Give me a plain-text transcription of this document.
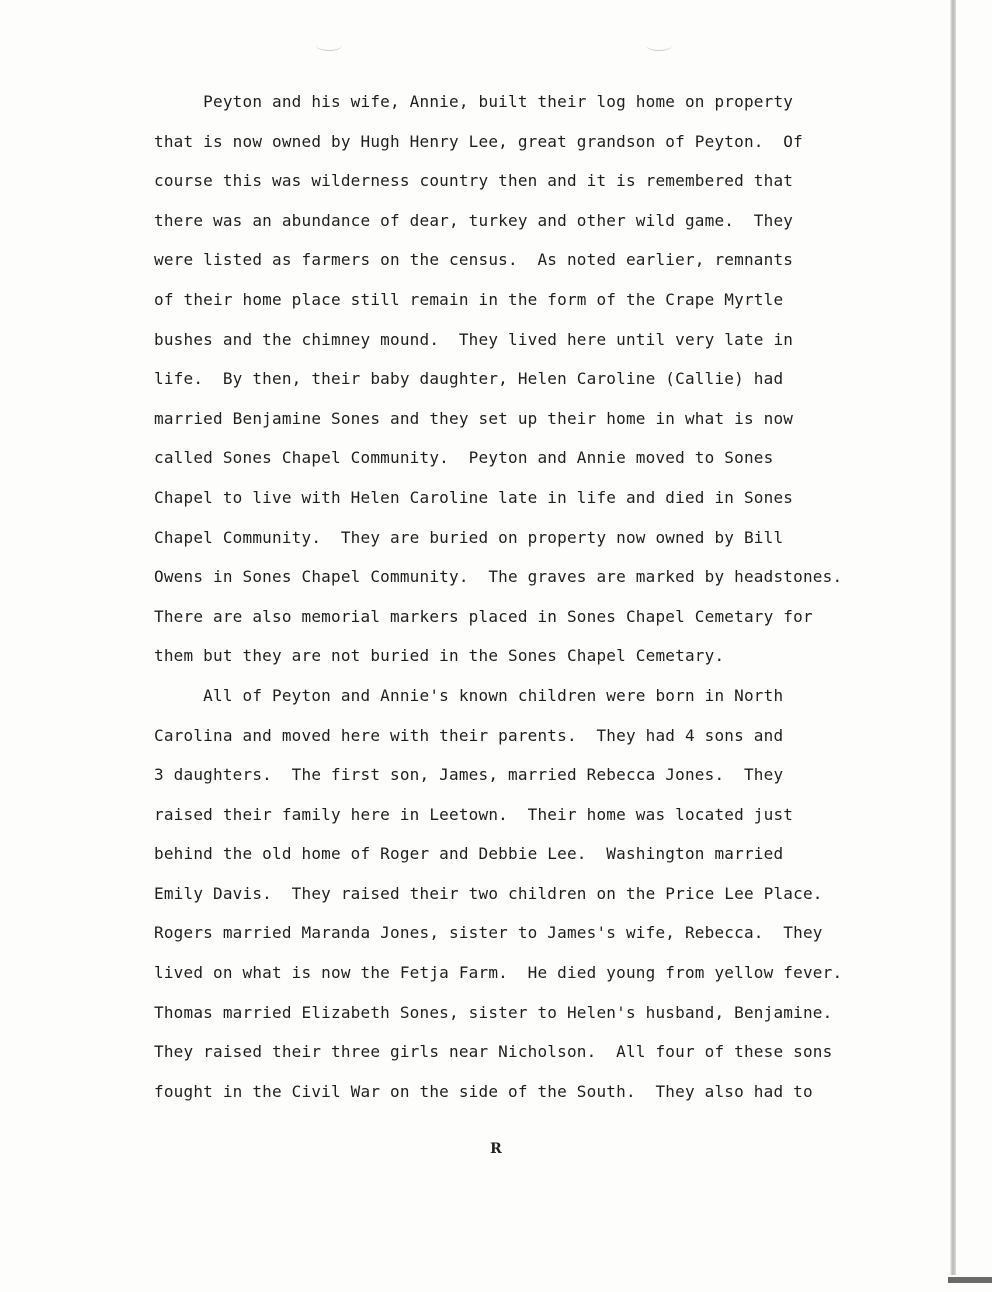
Peyton and his wife, Annie, built their log home on property
that is now owned by Hugh Henry Lee, great grandson of Peyton.  Of
course this was wilderness country then and it is remembered that
there was an abundance of dear, turkey and other wild game.  They
were listed as farmers on the census.  As noted earlier, remnants
of their home place still remain in the form of the Crape Myrtle
bushes and the chimney mound.  They lived here until very late in
life.  By then, their baby daughter, Helen Caroline (Callie) had
married Benjamine Sones and they set up their home in what is now
called Sones Chapel Community.  Peyton and Annie moved to Sones
Chapel to live with Helen Caroline late in life and died in Sones
Chapel Community.  They are buried on property now owned by Bill
Owens in Sones Chapel Community.  The graves are marked by headstones.
There are also memorial markers placed in Sones Chapel Cemetary for
them but they are not buried in the Sones Chapel Cemetary.
All of Peyton and Annie's known children were born in North
Carolina and moved here with their parents.  They had 4 sons and
3 daughters.  The first son, James, married Rebecca Jones.  They
raised their family here in Leetown.  Their home was located just
behind the old home of Roger and Debbie Lee.  Washington married
Emily Davis.  They raised their two children on the Price Lee Place.
Rogers married Maranda Jones, sister to James's wife, Rebecca.  They
lived on what is now the Fetja Farm.  He died young from yellow fever.
Thomas married Elizabeth Sones, sister to Helen's husband, Benjamine.
They raised their three girls near Nicholson.  All four of these sons
fought in the Civil War on the side of the South.  They also had to
R
